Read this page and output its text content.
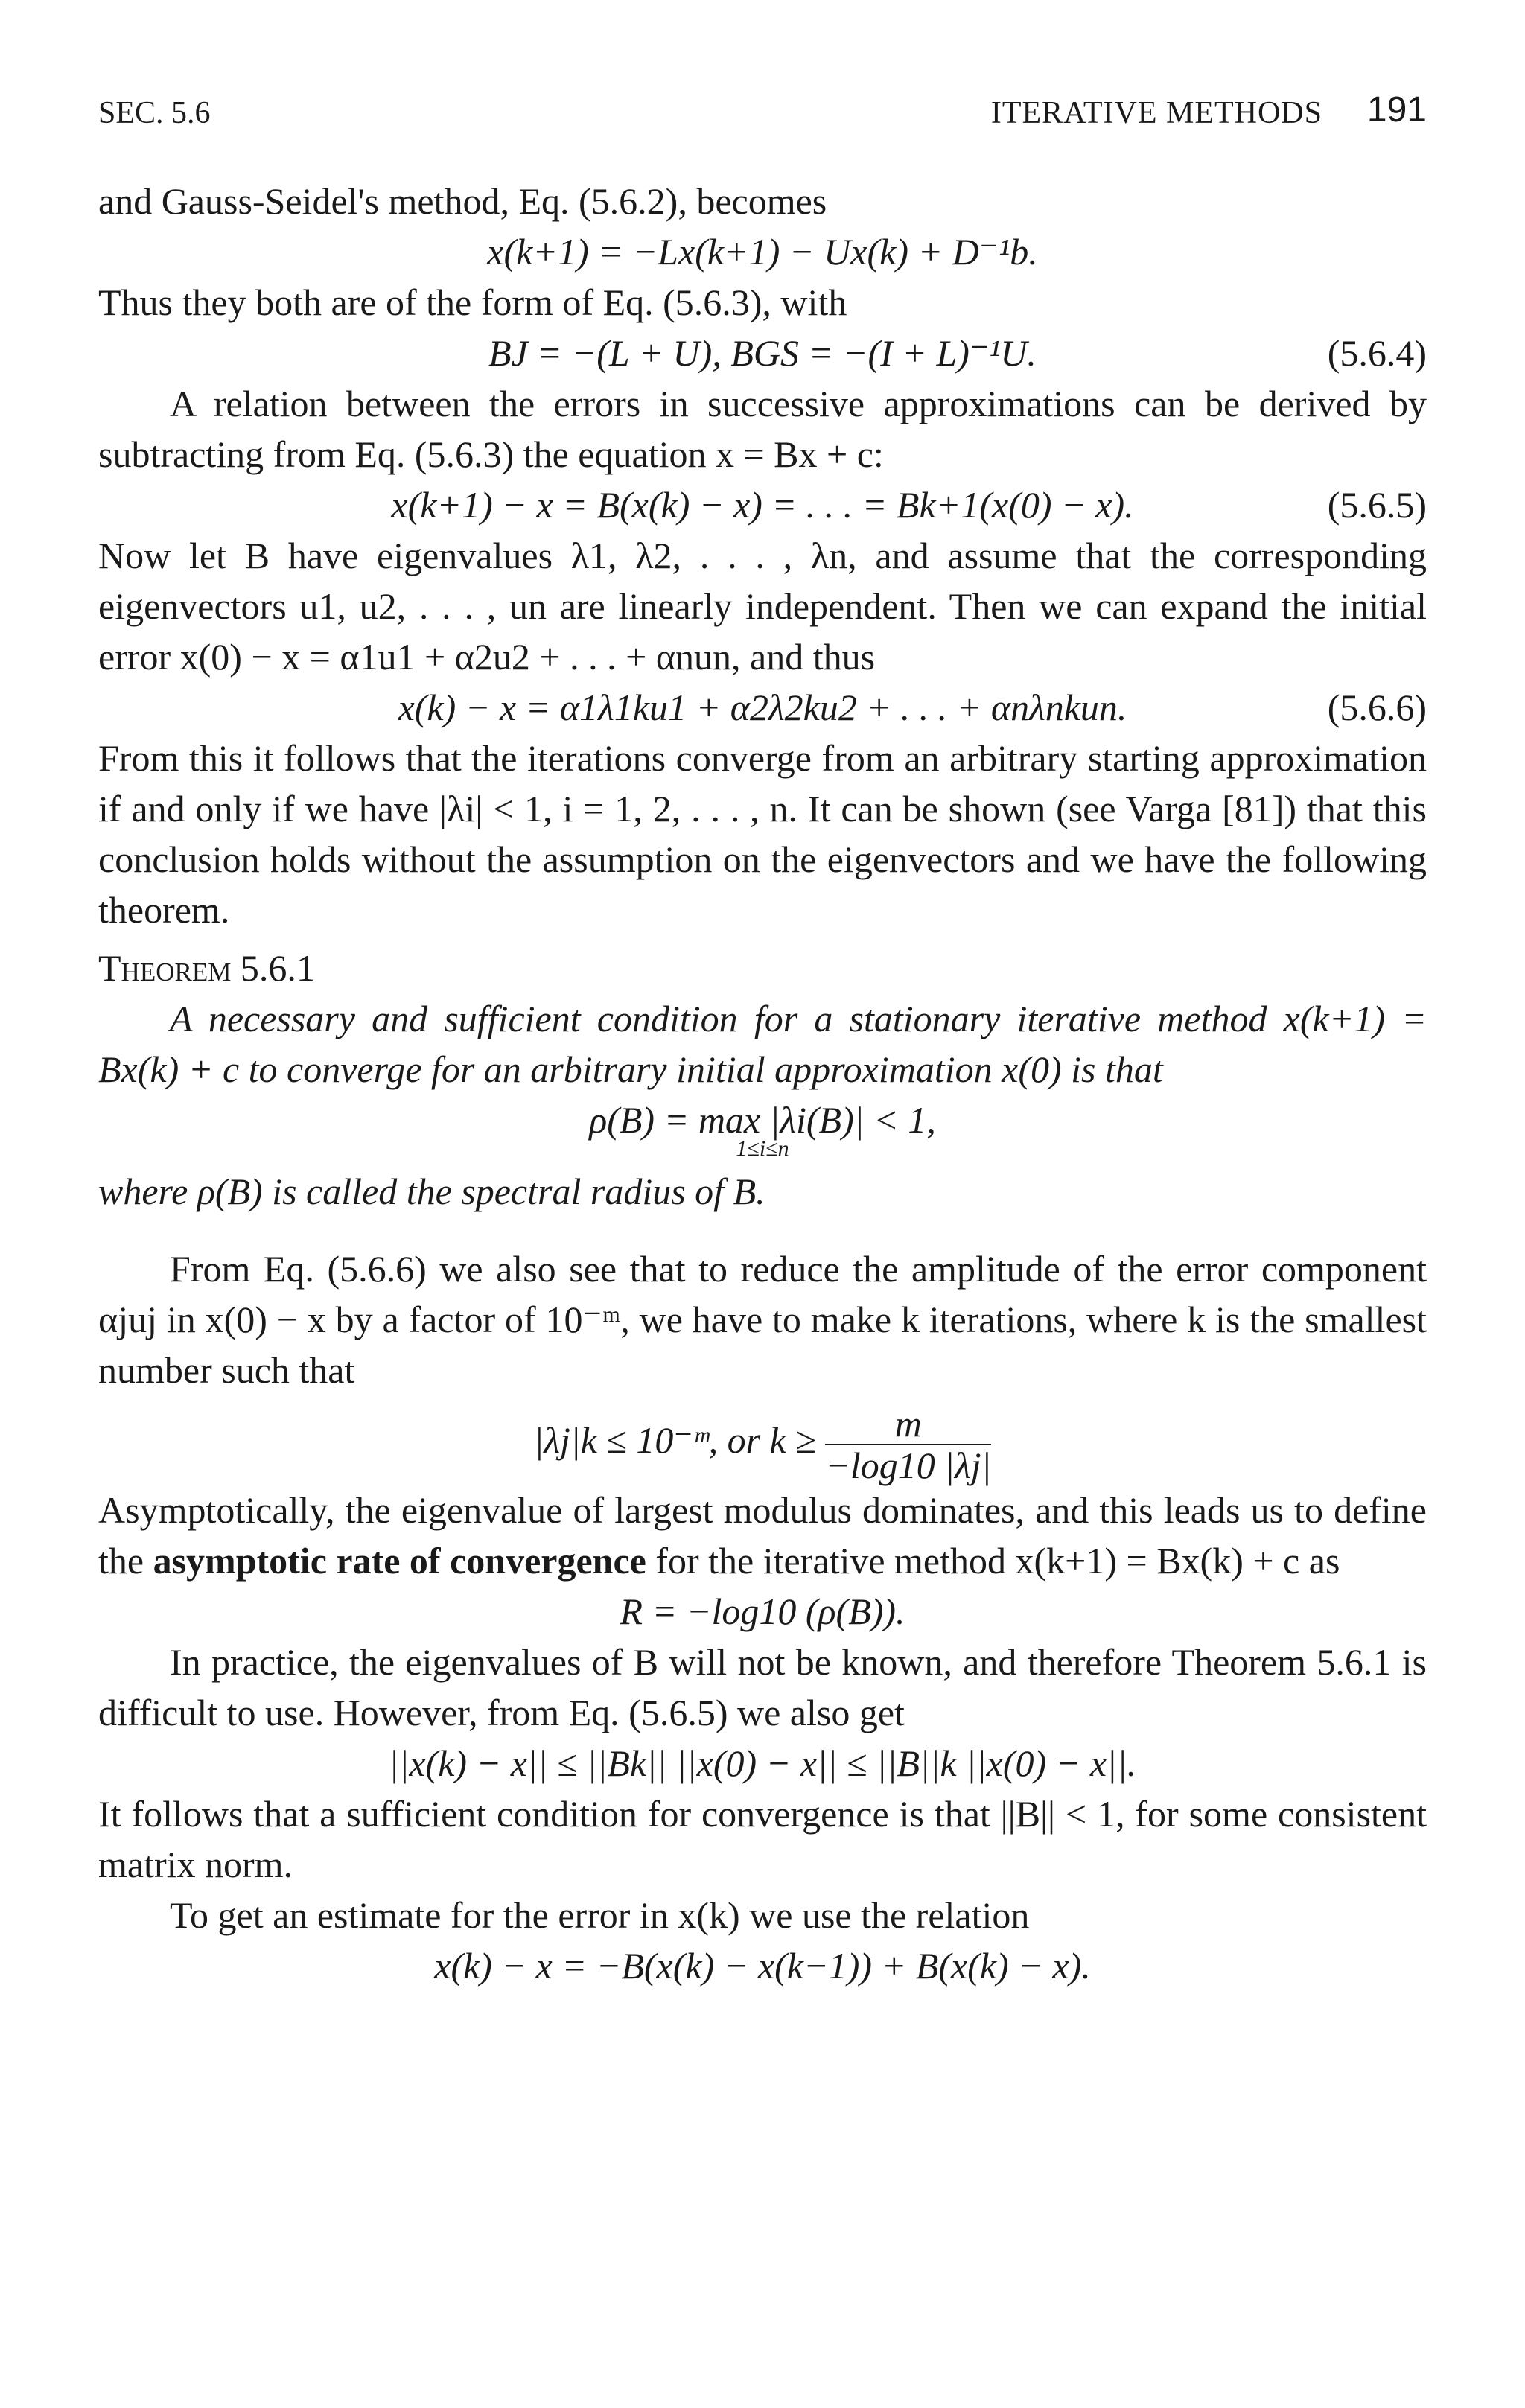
SEC. 5.6	ITERATIVE METHODS 191

and Gauss-Seidel's method, Eq. (5.6.2), becomes

x(k+1) = −Lx(k+1) − Ux(k) + D⁻¹b.

Thus they both are of the form of Eq. (5.6.3), with

BJ = −(L + U), BGS = −(I + L)⁻¹U.	(5.6.4)

A relation between the errors in successive approximations can be derived by subtracting from Eq. (5.6.3) the equation x = Bx + c:

x(k+1) − x = B(x(k) − x) = . . . = Bk+1(x(0) − x).	(5.6.5)

Now let B have eigenvalues λ1, λ2, . . . , λn, and assume that the corresponding eigenvectors u1, u2, . . . , un are linearly independent. Then we can expand the initial error x(0) − x = α1u1 + α2u2 + . . . + αnun, and thus

x(k) − x = α1λ1ku1 + α2λ2ku2 + . . . + αnλnkun.	(5.6.6)

From this it follows that the iterations converge from an arbitrary starting approximation if and only if we have |λi| < 1, i = 1, 2, . . . , n. It can be shown (see Varga [81]) that this conclusion holds without the assumption on the eigenvectors and we have the following theorem.

Theorem 5.6.1

A necessary and sufficient condition for a stationary iterative method x(k+1) = Bx(k) + c to converge for an arbitrary initial approximation x(0) is that

ρ(B) = max |λi(B)| < 1,
1≤i≤n

where ρ(B) is called the spectral radius of B.

From Eq. (5.6.6) we also see that to reduce the amplitude of the error component αjuj in x(0) − x by a factor of 10⁻ᵐ, we have to make k iterations, where k is the smallest number such that

|λj|k ≤ 10⁻ᵐ, or $k \ge \frac{m}{-\log 10 |\lambda j|}$

Asymptotically, the eigenvalue of largest modulus dominates, and this leads us to define the asymptotic rate of convergence for the iterative method x(k+1) = Bx(k) + c as

R = −log10 (ρ(B)).

In practice, the eigenvalues of B will not be known, and therefore Theorem 5.6.1 is difficult to use. However, from Eq. (5.6.5) we also get

||x(k) − x|| ≤ ||Bk|| ||x(0) − x|| ≤ ||B||k ||x(0) − x||.

It follows that a sufficient condition for convergence is that ||B|| < 1, for some consistent matrix norm.

To get an estimate for the error in x(k) we use the relation

x(k) − x = −B(x(k) − x(k−1)) + B(x(k) − x).
